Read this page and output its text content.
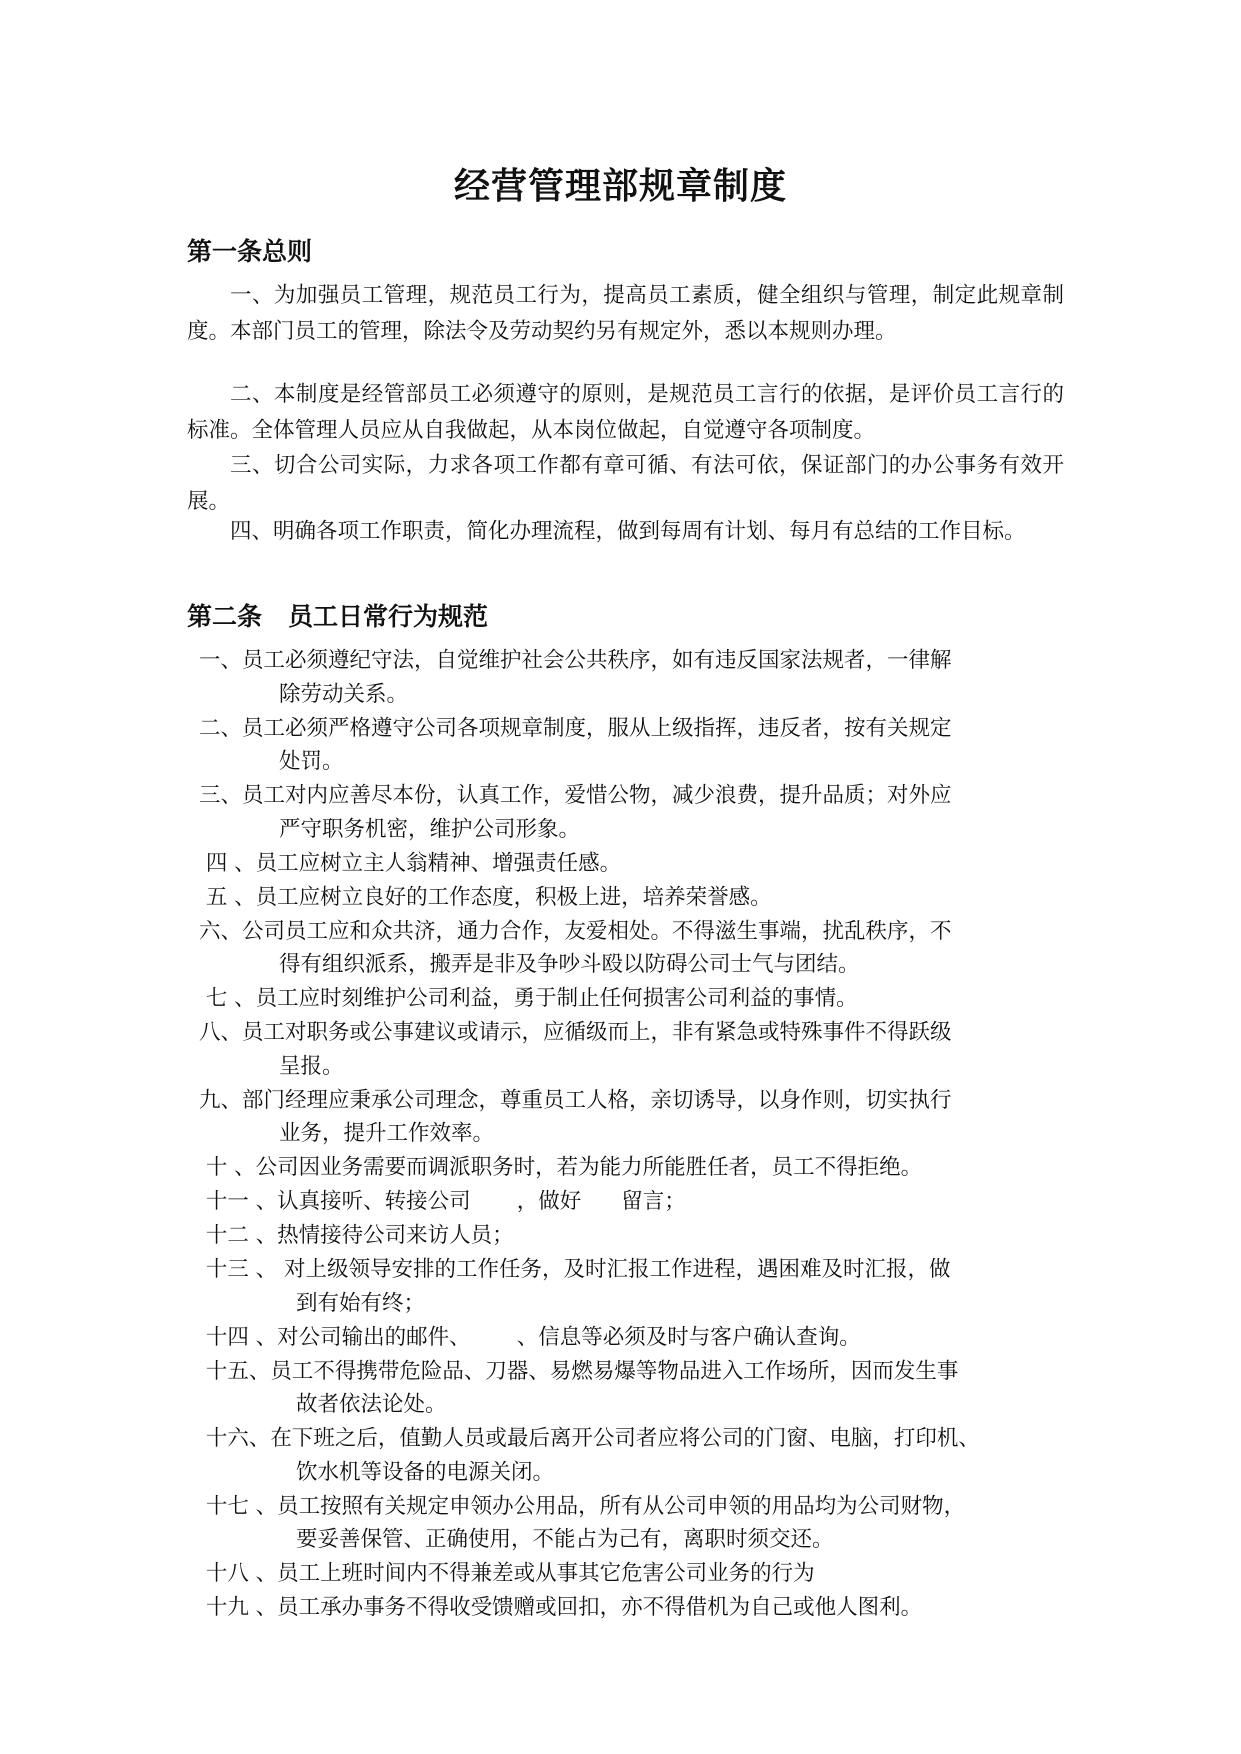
经营管理部规章制度
第一条总则
一、为加强员工管理，规范员工行为，提高员工素质，健全组织与管理，制定此规章制度。本部门员工的管理，除法令及劳动契约另有规定外，悉以本规则办理。
二、本制度是经管部员工必须遵守的原则，是规范员工言行的依据，是评价员工言行的标准。全体管理人员应从自我做起，从本岗位做起，自觉遵守各项制度。
三、切合公司实际，力求各项工作都有章可循、有法可依，保证部门的办公事务有效开展。
四、明确各项工作职责，简化办理流程，做到每周有计划、每月有总结的工作目标。
第二条 员工日常行为规范
一、员工必须遵纪守法，自觉维护社会公共秩序，如有违反国家法规者，一律解
除劳动关系。
二、员工必须严格遵守公司各项规章制度，服从上级指挥，违反者，按有关规定
处罚。
三、员工对内应善尽本份，认真工作，爱惜公物，减少浪费，提升品质；对外应
严守职务机密，维护公司形象。
四 、员工应树立主人翁精神、增强责任感。
五 、员工应树立良好的工作态度，积极上进，培养荣誉感。
六、公司员工应和众共济，通力合作，友爱相处。不得滋生事端，扰乱秩序，不
得有组织派系，搬弄是非及争吵斗殴以防碍公司士气与团结。
七 、员工应时刻维护公司利益，勇于制止任何损害公司利益的事情。
八、员工对职务或公事建议或请示，应循级而上，非有紧急或特殊事件不得跃级
呈报。
九、部门经理应秉承公司理念，尊重员工人格，亲切诱导，以身作则，切实执行
业务，提升工作效率。
十 、公司因业务需要而调派职务时，若为能力所能胜任者，员工不得拒绝。
十一 、认真接听、转接公司 ，做好 留言；
十二 、热情接待公司来访人员；
十三 、 对上级领导安排的工作任务，及时汇报工作进程，遇困难及时汇报，做
到有始有终；
十四 、对公司输出的邮件、 、信息等必须及时与客户确认查询。
十五、员工不得携带危险品、刀器、易燃易爆等物品进入工作场所，因而发生事
故者依法论处。
十六、在下班之后，值勤人员或最后离开公司者应将公司的门窗、电脑，打印机、
饮水机等设备的电源关闭。
十七 、员工按照有关规定申领办公用品，所有从公司申领的用品均为公司财物，
要妥善保管、正确使用，不能占为己有，离职时须交还。
十八 、员工上班时间内不得兼差或从事其它危害公司业务的行为
十九 、员工承办事务不得收受馈赠或回扣，亦不得借机为自己或他人图利。
